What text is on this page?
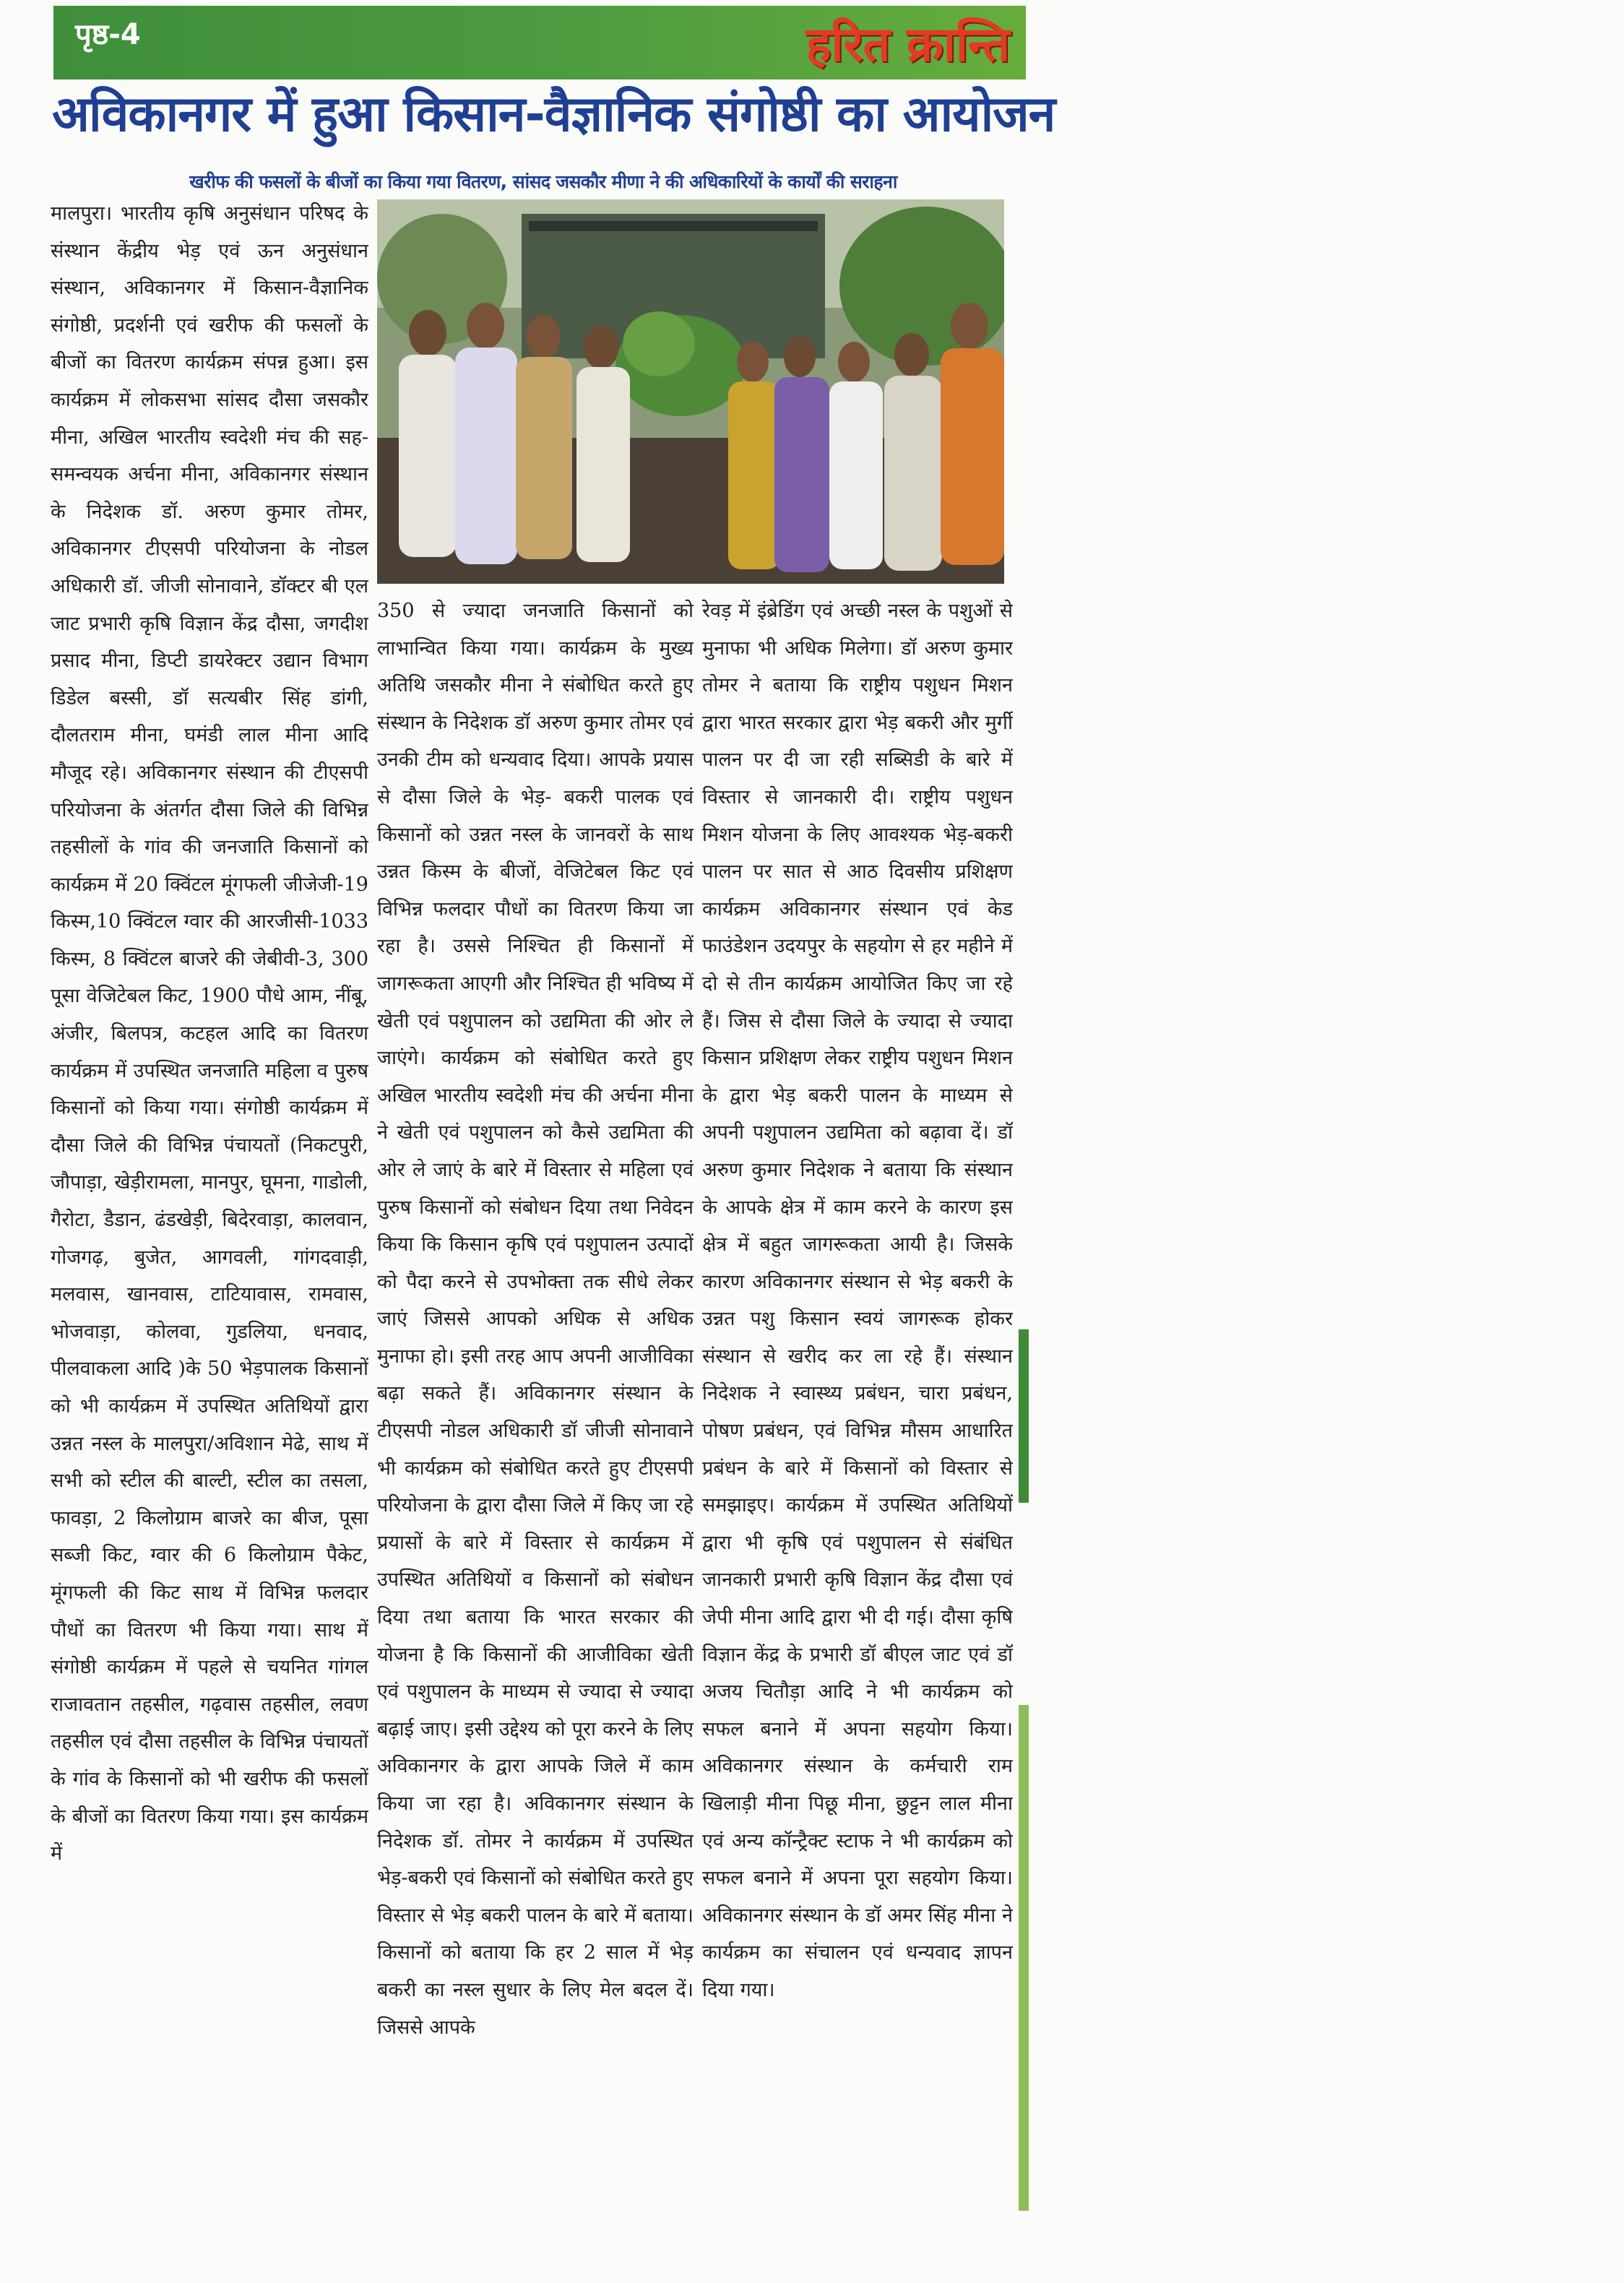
पृष्ठ-4	हरित क्रान्ति
अविकानगर में हुआ किसान-वैज्ञानिक संगोष्ठी का आयोजन
खरीफ की फसलों के बीजों का किया गया वितरण, सांसद जसकौर मीणा ने की अधिकारियों के कार्यों की सराहना
मालपुरा। भारतीय कृषि अनुसंधान परिषद के संस्थान केंद्रीय भेड़ एवं ऊन अनुसंधान संस्थान, अविकानगर में किसान-वैज्ञानिक संगोष्ठी, प्रदर्शनी एवं खरीफ की फसलों के बीजों का वितरण कार्यक्रम संपन्न हुआ। इस कार्यक्रम में लोकसभा सांसद दौसा जसकौर मीना, अखिल भारतीय स्वदेशी मंच की सह-समन्वयक अर्चना मीना, अविकानगर संस्थान के निदेशक डॉ. अरुण कुमार तोमर, अविकानगर टीएसपी परियोजना के नोडल अधिकारी डॉ. जीजी सोनावाने, डॉक्टर बी एल जाट प्रभारी कृषि विज्ञान केंद्र दौसा, जगदीश प्रसाद मीना, डिप्टी डायरेक्टर उद्यान विभाग डिडेल बस्सी, डॉ सत्यबीर सिंह डांगी, दौलतराम मीना, घमंडी लाल मीना आदि मौजूद रहे। अविकानगर संस्थान की टीएसपी परियोजना के अंतर्गत दौसा जिले की विभिन्न तहसीलों के गांव की जनजाति किसानों को कार्यक्रम में 20 क्विंटल मूंगफली जीजेजी-19 किस्म,10 क्विंटल ग्वार की आरजीसी-1033 किस्म, 8 क्विंटल बाजरे की जेबीवी-3, 300 पूसा वेजिटेबल किट, 1900 पौधे आम, नींबू, अंजीर, बिलपत्र, कटहल आदि का वितरण कार्यक्रम में उपस्थित जनजाति महिला व पुरुष किसानों को किया गया। संगोष्ठी कार्यक्रम में दौसा जिले की विभिन्न पंचायतों (निकटपुरी, जौपाड़ा, खेड़ीरामला, मानपुर, घूमना, गाडोली, गैरोटा, डैडान, ढंडखेड़ी, बिदेरवाड़ा, कालवान, गोजगढ़, बुजेत, आगवली, गांगदवाड़ी, मलवास, खानवास, टाटियावास, रामवास, भोजवाड़ा, कोलवा, गुडलिया, धनवाद, पीलवाकला आदि )के 50 भेड़पालक किसानों को भी कार्यक्रम में उपस्थित अतिथियों द्वारा उन्नत नस्ल के मालपुरा/अविशान मेढे, साथ में सभी को स्टील की बाल्टी, स्टील का तसला, फावड़ा, 2 किलोग्राम बाजरे का बीज, पूसा सब्जी किट, ग्वार की 6 किलोग्राम पैकेट, मूंगफली की किट साथ में विभिन्न फलदार पौधों का वितरण भी किया गया। साथ में संगोष्ठी कार्यक्रम में पहले से चयनित गांगल राजावतान तहसील, गढ़वास तहसील, लवण तहसील एवं दौसा तहसील के विभिन्न पंचायतों के गांव के किसानों को भी खरीफ की फसलों के बीजों का वितरण किया गया। इस कार्यक्रम में
350 से ज्यादा जनजाति किसानों को लाभान्वित किया गया। कार्यक्रम के मुख्य अतिथि जसकौर मीना ने संबोधित करते हुए संस्थान के निदेशक डॉ अरुण कुमार तोमर एवं उनकी टीम को धन्यवाद दिया। आपके प्रयास से दौसा जिले के भेड़- बकरी पालक एवं किसानों को उन्नत नस्ल के जानवरों के साथ उन्नत किस्म के बीजों, वेजिटेबल किट एवं विभिन्न फलदार पौधों का वितरण किया जा रहा है। उससे निश्चित ही किसानों में जागरूकता आएगी और निश्चित ही भविष्य में खेती एवं पशुपालन को उद्यमिता की ओर ले जाएंगे। कार्यक्रम को संबोधित करते हुए अखिल भारतीय स्वदेशी मंच की अर्चना मीना ने खेती एवं पशुपालन को कैसे उद्यमिता की ओर ले जाएं के बारे में विस्तार से महिला एवं पुरुष किसानों को संबोधन दिया तथा निवेदन किया कि किसान कृषि एवं पशुपालन उत्पादों को पैदा करने से उपभोक्ता तक सीधे लेकर जाएं जिससे आपको अधिक से अधिक मुनाफा हो। इसी तरह आप अपनी आजीविका बढ़ा सकते हैं। अविकानगर संस्थान के टीएसपी नोडल अधिकारी डॉ जीजी सोनावाने भी कार्यक्रम को संबोधित करते हुए टीएसपी परियोजना के द्वारा दौसा जिले में किए जा रहे प्रयासों के बारे में विस्तार से कार्यक्रम में उपस्थित अतिथियों व किसानों को संबोधन दिया तथा बताया कि भारत सरकार की योजना है कि किसानों की आजीविका खेती एवं पशुपालन के माध्यम से ज्यादा से ज्यादा बढ़ाई जाए। इसी उद्देश्य को पूरा करने के लिए अविकानगर के द्वारा आपके जिले में काम किया जा रहा है। अविकानगर संस्थान के निदेशक डॉ. तोमर ने कार्यक्रम में उपस्थित भेड़-बकरी एवं किसानों को संबोधित करते हुए विस्तार से भेड़ बकरी पालन के बारे में बताया। किसानों को बताया कि हर 2 साल में भेड़ बकरी का नस्ल सुधार के लिए मेल बदल दें। जिससे आपके
रेवड़ में इंब्रेडिंग एवं अच्छी नस्ल के पशुओं से मुनाफा भी अधिक मिलेगा। डॉ अरुण कुमार तोमर ने बताया कि राष्ट्रीय पशुधन मिशन द्वारा भारत सरकार द्वारा भेड़ बकरी और मुर्गी पालन पर दी जा रही सब्सिडी के बारे में विस्तार से जानकारी दी। राष्ट्रीय पशुधन मिशन योजना के लिए आवश्यक भेड़-बकरी पालन पर सात से आठ दिवसीय प्रशिक्षण कार्यक्रम अविकानगर संस्थान एवं केड फाउंडेशन उदयपुर के सहयोग से हर महीने में दो से तीन कार्यक्रम आयोजित किए जा रहे हैं। जिस से दौसा जिले के ज्यादा से ज्यादा किसान प्रशिक्षण लेकर राष्ट्रीय पशुधन मिशन के द्वारा भेड़ बकरी पालन के माध्यम से अपनी पशुपालन उद्यमिता को बढ़ावा दें। डॉ अरुण कुमार निदेशक ने बताया कि संस्थान के आपके क्षेत्र में काम करने के कारण इस क्षेत्र में बहुत जागरूकता आयी है। जिसके कारण अविकानगर संस्थान से भेड़ बकरी के उन्नत पशु किसान स्वयं जागरूक होकर संस्थान से खरीद कर ला रहे हैं। संस्थान निदेशक ने स्वास्थ्य प्रबंधन, चारा प्रबंधन, पोषण प्रबंधन, एवं विभिन्न मौसम आधारित प्रबंधन के बारे में किसानों को विस्तार से समझाइए। कार्यक्रम में उपस्थित अतिथियों द्वारा भी कृषि एवं पशुपालन से संबंधित जानकारी प्रभारी कृषि विज्ञान केंद्र दौसा एवं जेपी मीना आदि द्वारा भी दी गई। दौसा कृषि विज्ञान केंद्र के प्रभारी डॉ बीएल जाट एवं डॉ अजय चितौड़ा आदि ने भी कार्यक्रम को सफल बनाने में अपना सहयोग किया। अविकानगर संस्थान के कर्मचारी राम खिलाड़ी मीना पिछू मीना, छुट्टन लाल मीना एवं अन्य कॉन्ट्रैक्ट स्टाफ ने भी कार्यक्रम को सफल बनाने में अपना पूरा सहयोग किया। अविकानगर संस्थान के डॉ अमर सिंह मीना ने कार्यक्रम का संचालन एवं धन्यवाद ज्ञापन दिया गया।
